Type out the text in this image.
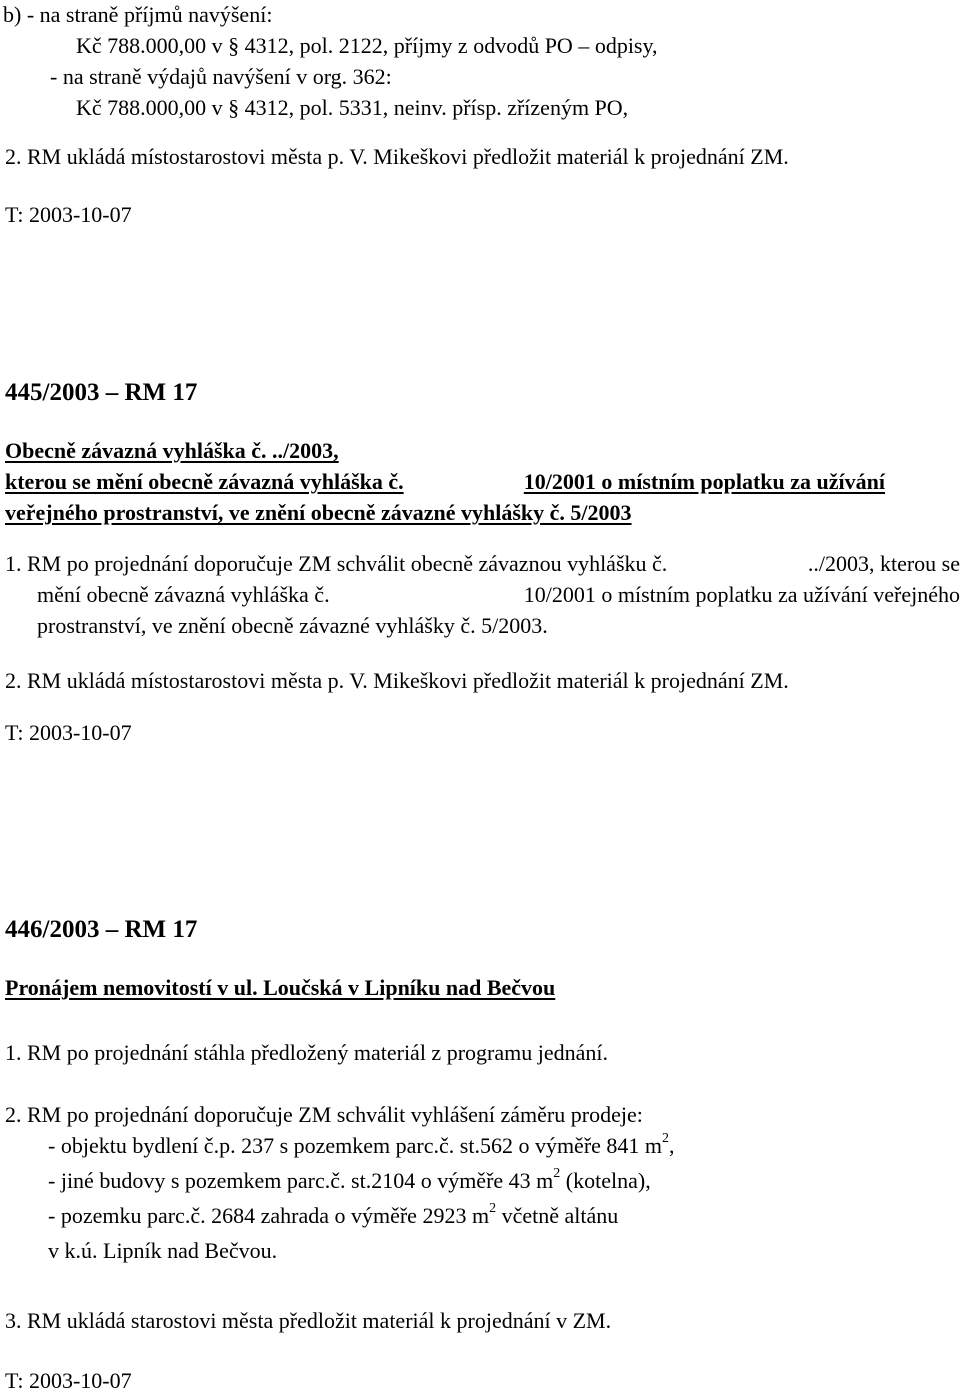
b) - na straně příjmů navýšení:
Kč 788.000,00 v § 4312, pol. 2122, příjmy z odvodů PO – odpisy,
- na straně výdajů navýšení v org. 362:
Kč 788.000,00 v § 4312, pol. 5331, neinv. přísp. zřízeným PO,
2. RM ukládá místostarostovi města p. V. Mikeškovi předložit materiál k projednání ZM.
T: 2003-10-07
445/2003 – RM 17
Obecně závazná vyhláška č. ../2003,
kterou se mění obecně závazná vyhláška č.	10/2001 o místním poplatku za užívání
veřejného prostranství, ve znění obecně závazné vyhlášky č. 5/2003
1. RM po projednání doporučuje ZM schválit obecně závaznou vyhlášku č.	../2003, kterou se
mění obecně závazná vyhláška č.	10/2001 o místním poplatku za užívání veřejného
prostranství, ve znění obecně závazné vyhlášky č. 5/2003.
2. RM ukládá místostarostovi města p. V. Mikeškovi předložit materiál k projednání ZM.
T: 2003-10-07
446/2003 – RM 17
Pronájem nemovitostí v ul. Loučská v Lipníku nad Bečvou
1. RM po projednání stáhla předložený materiál z programu jednání.
2. RM po projednání doporučuje ZM schválit vyhlášení záměru prodeje:
- objektu bydlení č.p. 237 s pozemkem parc.č. st.562 o výměře 841 $m^2$,
- jiné budovy s pozemkem parc.č. st.2104 o výměře 43 $m^2$ (kotelna),
- pozemku parc.č. 2684 zahrada o výměře 2923 $m^2$ včetně altánu
v k.ú. Lipník nad Bečvou.
3. RM ukládá starostovi města předložit materiál k projednání v ZM.
T: 2003-10-07
